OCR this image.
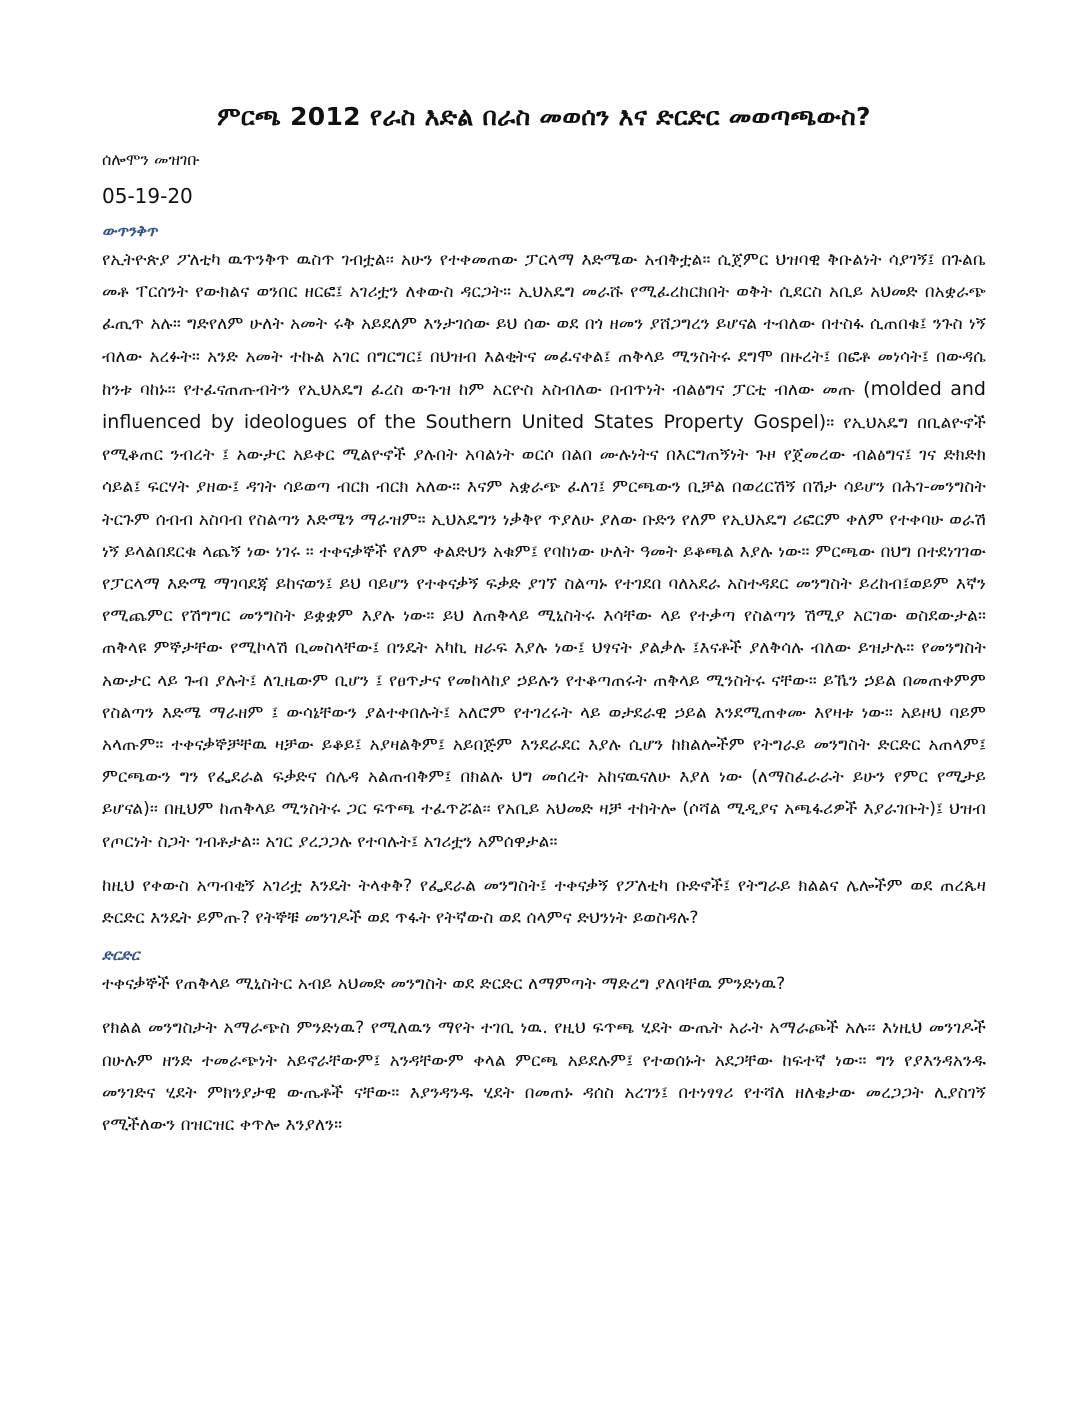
ምርጫ 2012 የራስ እድል በራስ መወሰን እና ድርድር መወጣጫውስ?
ሰሎሞን መዝገቡ
05-19-20
ውጥንቅጥ

የኢትዮጵያ ፖለቲካ ዉጥንቅጥ ዉስጥ ገብቷል፡፡ አሁን የተቀመጠው ፓርላማ እድሜው አብቅቷል። ሲጀምር ህዝባዊ ቅቡልነት ሳያገኝ፤ በጉልቤ መቶ ፐርሰንት የውክልና ወንበር ዘርፎ፤ አገሪቷን ለቀውስ ዳርጋት። ኢህአዴግ መራሹ የሚፈረከርክበት ወቅት ሲደርስ አቢይ አህመድ በአቋራጭ ፈጢጥ አሉ። ግድየለም ሁለት አመት ሩቅ አይደለም እንታገሰው ይህ ሰው ወደ በጎ ዘመን ያሸጋግረን ይሆናል ተብለው በተስፋ ሲጠበቁ፤ ንጉስ ነኝ ብለው አረፉት። አንድ አመት ተኩል አገር በግርግር፤ በህዝብ እልቂትና መፈናቀል፤ ጠቅላይ ሚንስትሩ ደግሞ በዙረት፤ በፎቶ መነሳት፤ በውዳሴ ከንቱ ባከኑ። የተፈናጠጡብትን የኢህአዴግ ፈረስ ውጉዝ ከም አርዮስ አስብለው በብጥነት ብልፅግና ፓርቲ ብለው መጡ (molded and influenced by ideologues of the Southern United States Property Gospel)። የኢህአዴግ በቢልዮኖች የሚቆጠር ንብረት ፤ አውታር አይቀር ሚልዮኖች ያሉበት አባልነት ወርሶ በልበ ሙሉነትና በእርግጠኝነት ጉዞ የጀመረው ብልፅግና፤ ገና ድክድክ ሳይል፤ ፍርሃት ያዘው፤ ዳገት ሳይወጣ ብርክ ብርክ አለው። እናም አቋራጭ ፈለገ፤ ምርጫውን ቢቻል በወረርሽኝ በሽታ ሳይሆን በሕገ-መንግስት ትርጉም ሰብብ አስባብ የስልጣን እድሜን ማራዝም። ኢህአዴግን ነቃቅየ ጥያለሁ ያለው ቡድን የለም የኢህአዴግ ሪፎርም ቀለም የተቀባሁ ወራሽ ነኝ ይላልበደርቁ ላጨኝ ነው ነገሩ ። ተቀናቃኞች የለም ቀልድህን አቁም፤ የባከነው ሁለት ዓመት ይቆጫል እያሉ ነው። ምርጫው በህግ በተደነገገው የፓርላማ እድሜ ማገባደጃ ይከናወን፤ ይህ ባይሆን የተቀናቃኝ ፍቃድ ያገኘ ስልጣኑ የተገደበ ባለአደራ አስተዳደር መንግስት ይረከብ፤ወይም እኛን የሚጨምር የሽግግር መንግስት ይቋቋም እያሉ ነው። ይህ ለጠቅላይ ሚኒስትሩ እሳቸው ላይ የተቃጣ የስልጣን ሽሚያ አርገው ወስደውታል። ጠቅላዩ ምኞታቸው የሚኮላሽ ቢመስላቸው፤ በንዴት አካኪ ዘራፍ እያሉ ነው፤ ህፃናት ያልቃሉ ፤እናቶች ያለቅሳሉ ብለው ይዝታሉ። የመንግስት አውታር ላይ ጉብ ያሉት፤ ለጊዜውም ቢሆን ፤ የፀጥታና የመከላከያ ኃይሉን የተቆጣጠሩት ጠቅላይ ሚንስትሩ ናቸው። ይኼን ኃይል በመጠቀምም የስልጣን እድሜ ማራዘም ፤ ውሳኔቸውን ያልተቀበሉት፤ አለሮም የተገረሩት ላይ ወታደራዊ ኃይል እንደሚጠቀሙ እየዛቱ ነው። አይዞህ ባይም አላጡም። ተቀናቃኞቻቸዉ ዛቻው ይቆይ፤ አያዛልቅም፤ አይበጅም እንደራደር እያሉ ሲሆን ከክልሎችም የትግራይ መንግስት ድርድር አጠላም፤ ምርጫውን ግን የፌደራል ፍቃድና ሰሌዳ አልጠብቅም፤ በክልሉ ህግ መሰረት አከናዉናለሁ እያለ ነው (ለማስፈራራት ይሁን የምር የሚታይ ይሆናል)፡፡ በዚህም ከጠቅላይ ሚንስትሩ ጋር ፍጥጫ ተፈጥሯል፡፡ የአቢይ አህመድ ዛቻ ተከትሎ (ሶሻል ሚዲያና አጫፋሪዎች እያራገቡት)፤ ህዝብ የጦርነት ስጋት ገብቶታል። አገር ያረጋጋሉ የተባሉት፤ አገሪቷን አምሰዋታል።

ከዚህ የቀውስ አጣብቂኝ አገሪቷ እንዴት ትላቀቅ? የፌደራል መንግስት፤ ተቀናቃኝ የፖለቲካ ቡድኖች፤ የትግራይ ክልልና ሌሎችም ወደ ጠረጴዛ ድርድር እንዴት ይምጡ? የትኞቹ መንገዶች ወደ ጥፋት የትኛውስ ወደ ሰላምና ድህንነት ይወስዳሉ?

ድርድር

ተቀናቃኞች የጠቅላይ ሚኒስትር አብይ አህመድ መንግስት ወደ ድርድር ለማምጣት ማድረግ ያለባቸዉ ምንድነዉ?

የክልል መንግስታት አማራጭስ ምንድነዉ? የሚለዉን ማየት ተገቢ ነዉ. የዚህ ፍጥጫ ሂደት ውጤት አራት አማራጮች አሉ፡፡ እነዚህ መንገዶች በሁሉም ዘንድ ተመራጭነት አይኖራቸውም፤ አንዳቸውም ቀላል ምርጫ አይደሉም፤ የተወሰኑት አደጋቸው ከፍተኛ ነው። ግን የያእንዳአንዱ መንገድና ሂደት ምክንያታዊ ውጤቶች ናቸው። እያንዳንዱ ሂደት በመጠኑ ዳሰስ አረገን፤ በተነፃፃሪ የተሻለ ዘለቄታው መረጋጋት ሊያስገኝ የሚችለውን በዝርዝር ቀጥሎ እንያለን።
